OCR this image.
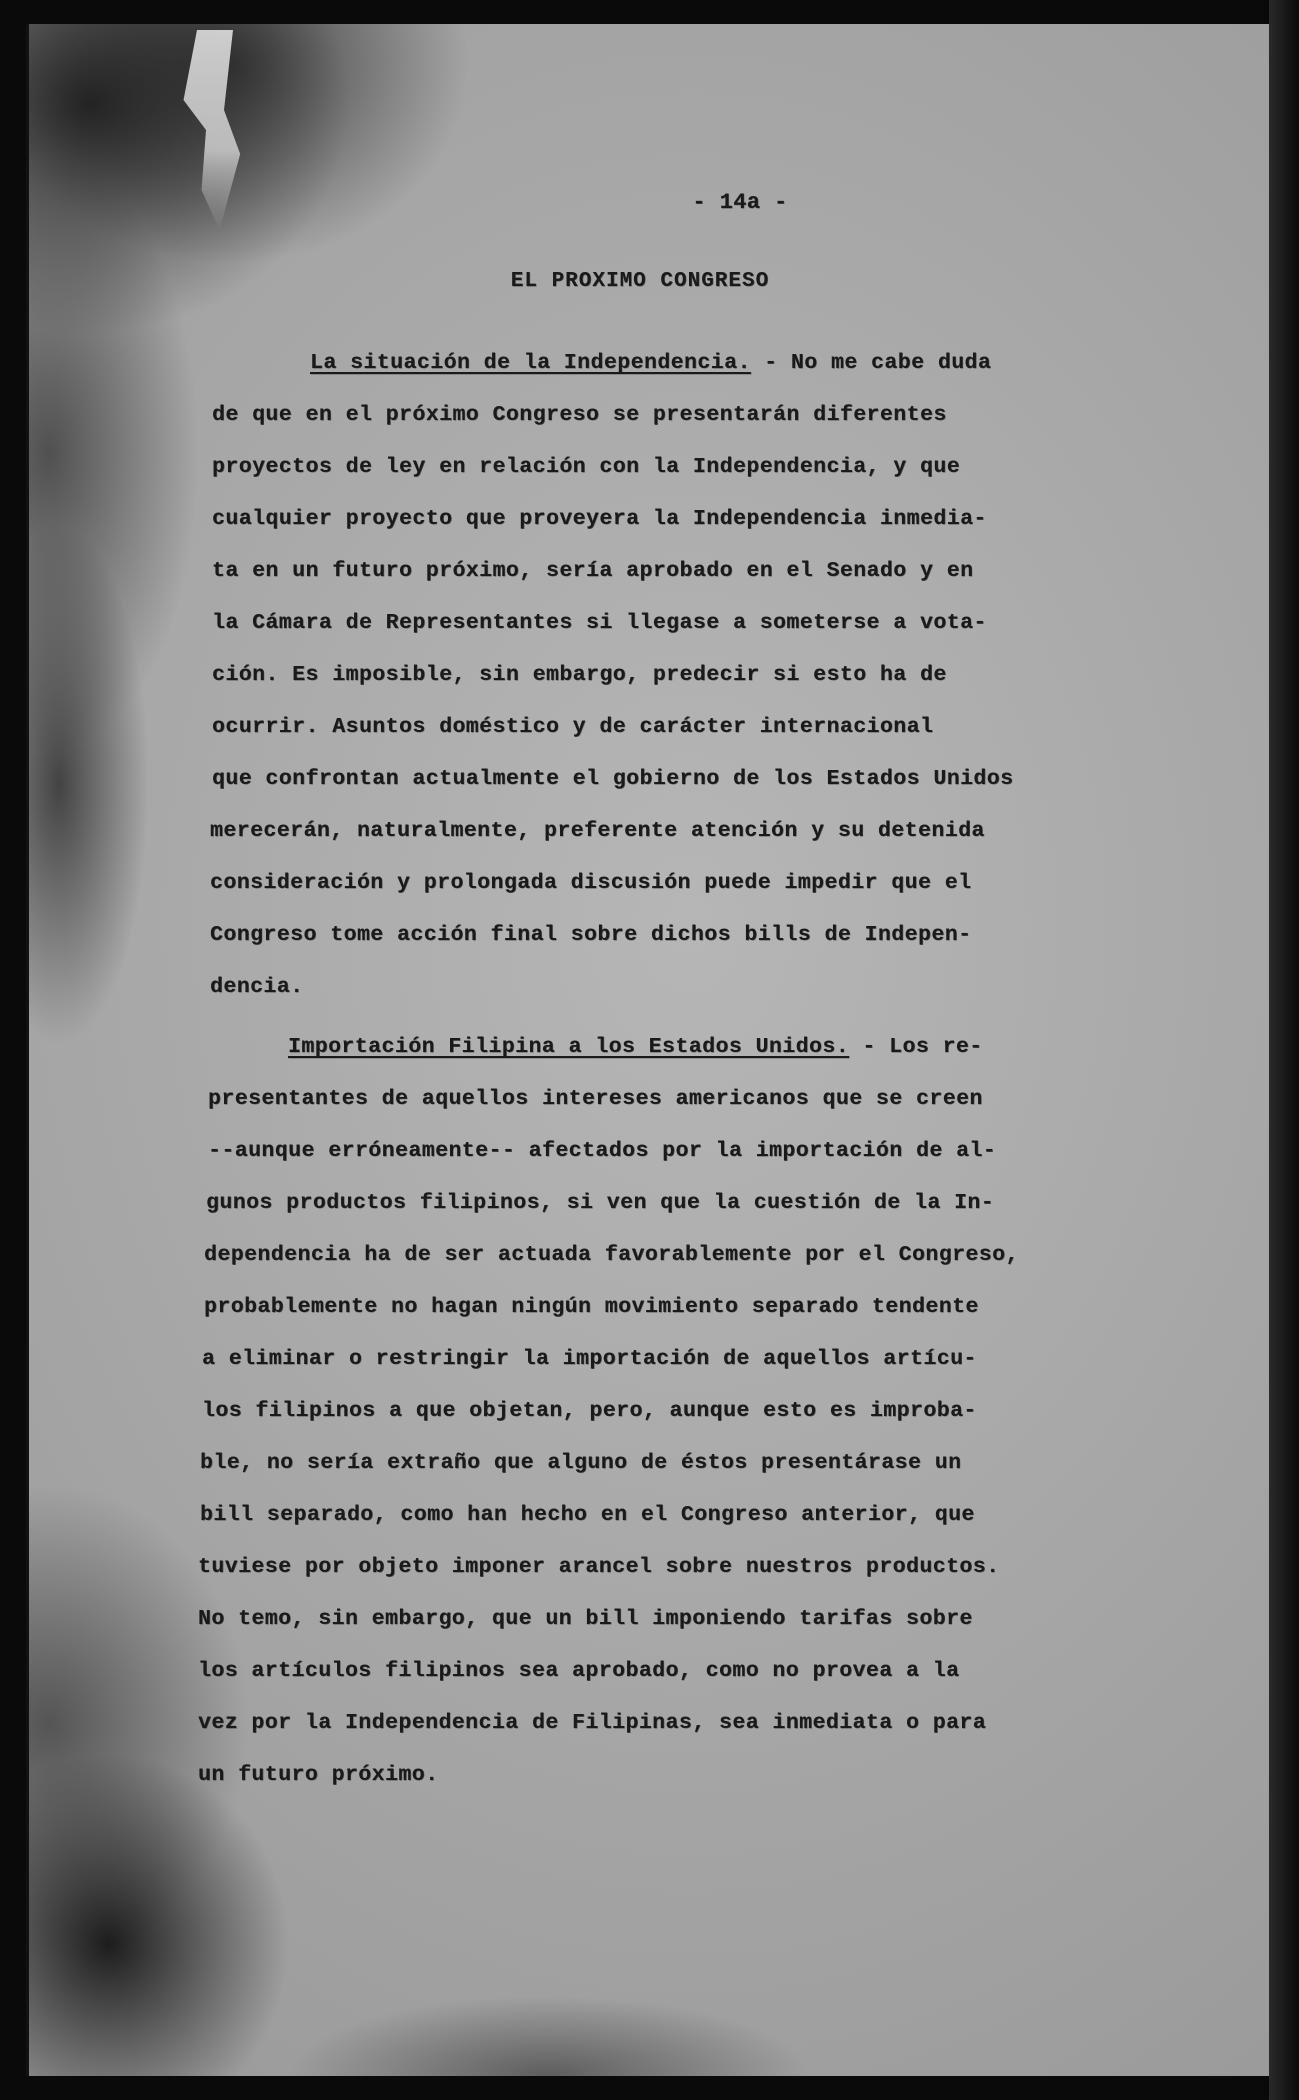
- 14a -
EL PROXIMO CONGRESO
La situación de la Independencia. - No me cabe duda
de que en el próximo Congreso se presentarán diferentes
proyectos de ley en relación con la Independencia, y que
cualquier proyecto que proveyera la Independencia inmedia-
ta en un futuro próximo, sería aprobado en el Senado y en
la Cámara de Representantes si llegase a someterse a vota-
ción. Es imposible, sin embargo, predecir si esto ha de
ocurrir. Asuntos doméstico y de carácter internacional
que confrontan actualmente el gobierno de los Estados Unidos
merecerán, naturalmente, preferente atención y su detenida
consideración y prolongada discusión puede impedir que el
Congreso tome acción final sobre dichos bills de Indepen-
dencia.
Importación Filipina a los Estados Unidos. - Los re-
presentantes de aquellos intereses americanos que se creen
--aunque erróneamente-- afectados por la importación de al-
gunos productos filipinos, si ven que la cuestión de la In-
dependencia ha de ser actuada favorablemente por el Congreso,
probablemente no hagan ningún movimiento separado tendente
a eliminar o restringir la importación de aquellos artícu-
los filipinos a que objetan, pero, aunque esto es improba-
ble, no sería extraño que alguno de éstos presentárase un
bill separado, como han hecho en el Congreso anterior, que
tuviese por objeto imponer arancel sobre nuestros productos.
No temo, sin embargo, que un bill imponiendo tarifas sobre
los artículos filipinos sea aprobado, como no provea a la
vez por la Independencia de Filipinas, sea inmediata o para
un futuro próximo.
